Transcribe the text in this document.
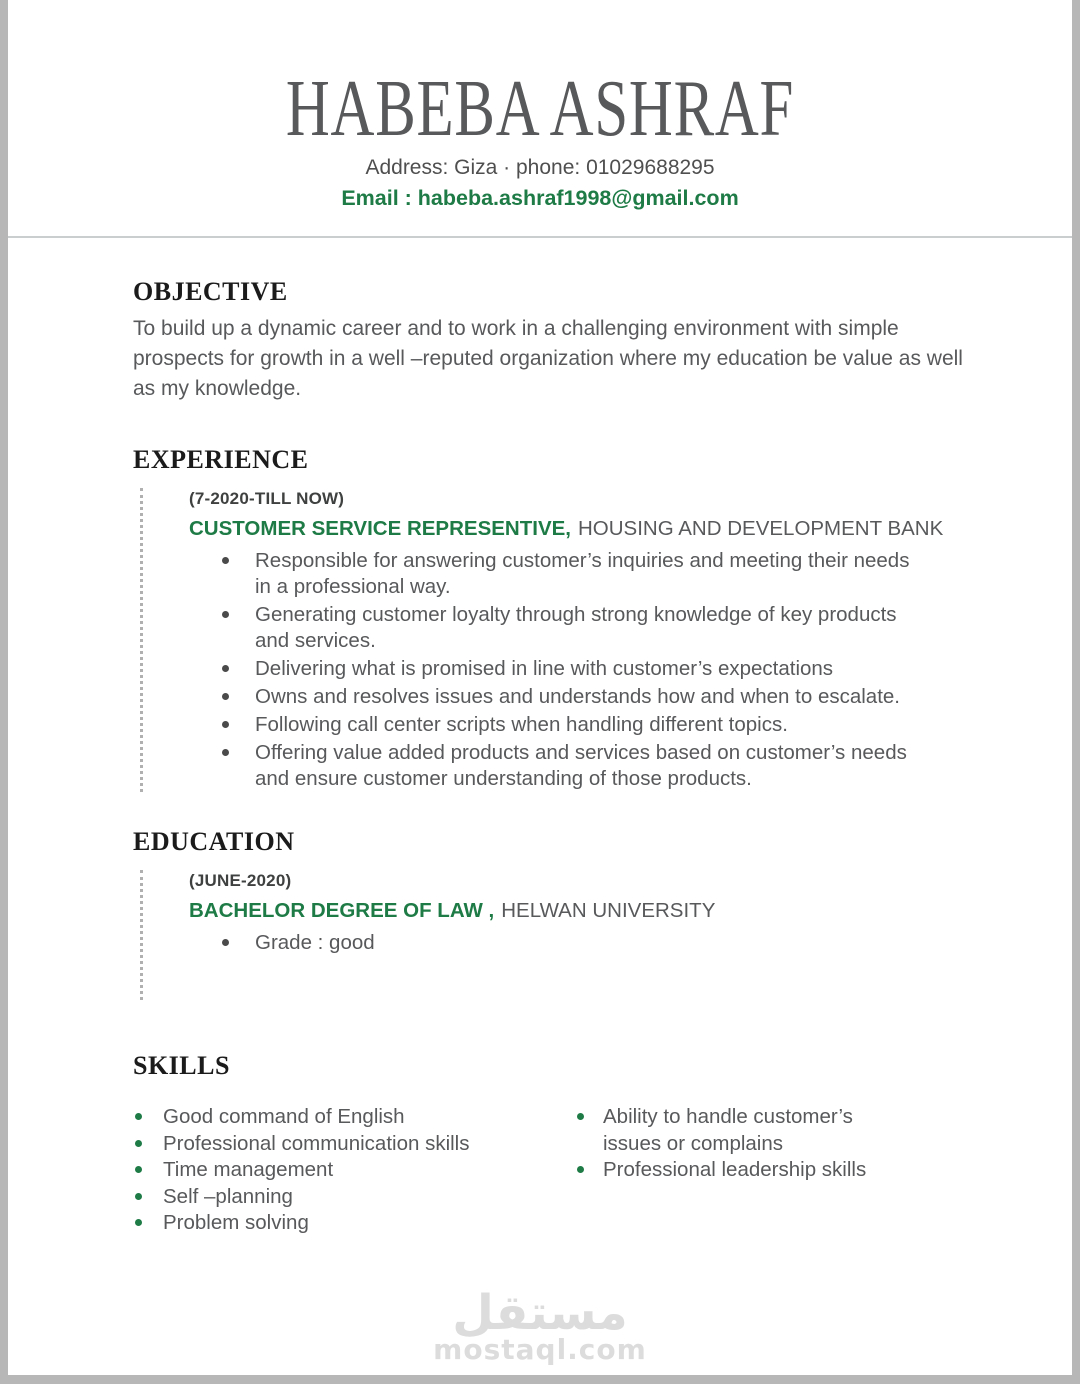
HABEBA ASHRAF
Address: Giza · phone: 01029688295
Email : habeba.ashraf1998@gmail.com
OBJECTIVE

To build up a dynamic career and to work in a challenging environment with simple prospects for growth in a well –reputed organization where my education be value as well as my knowledge.

EXPERIENCE
(7-2020-TILL NOW)
CUSTOMER SERVICE REPRESENTIVE, HOUSING AND DEVELOPMENT BANK
Responsible for answering customer’s inquiries and meeting their needs in a professional way.
Generating customer loyalty through strong knowledge of key products and services.
Delivering what is promised in line with customer’s expectations
Owns and resolves issues and understands how and when to escalate.
Following call center scripts when handling different topics.
Offering value added products and services based on customer’s needs and ensure customer understanding of those products.
EDUCATION
(JUNE-2020)
BACHELOR DEGREE OF LAW , HELWAN UNIVERSITY
Grade : good
SKILLS
Good command of English
Professional communication skills
Time management
Self –planning
Problem solving
Ability to handle customer’s issues or complains
Professional leadership skills
مستقل
mostaql.com
